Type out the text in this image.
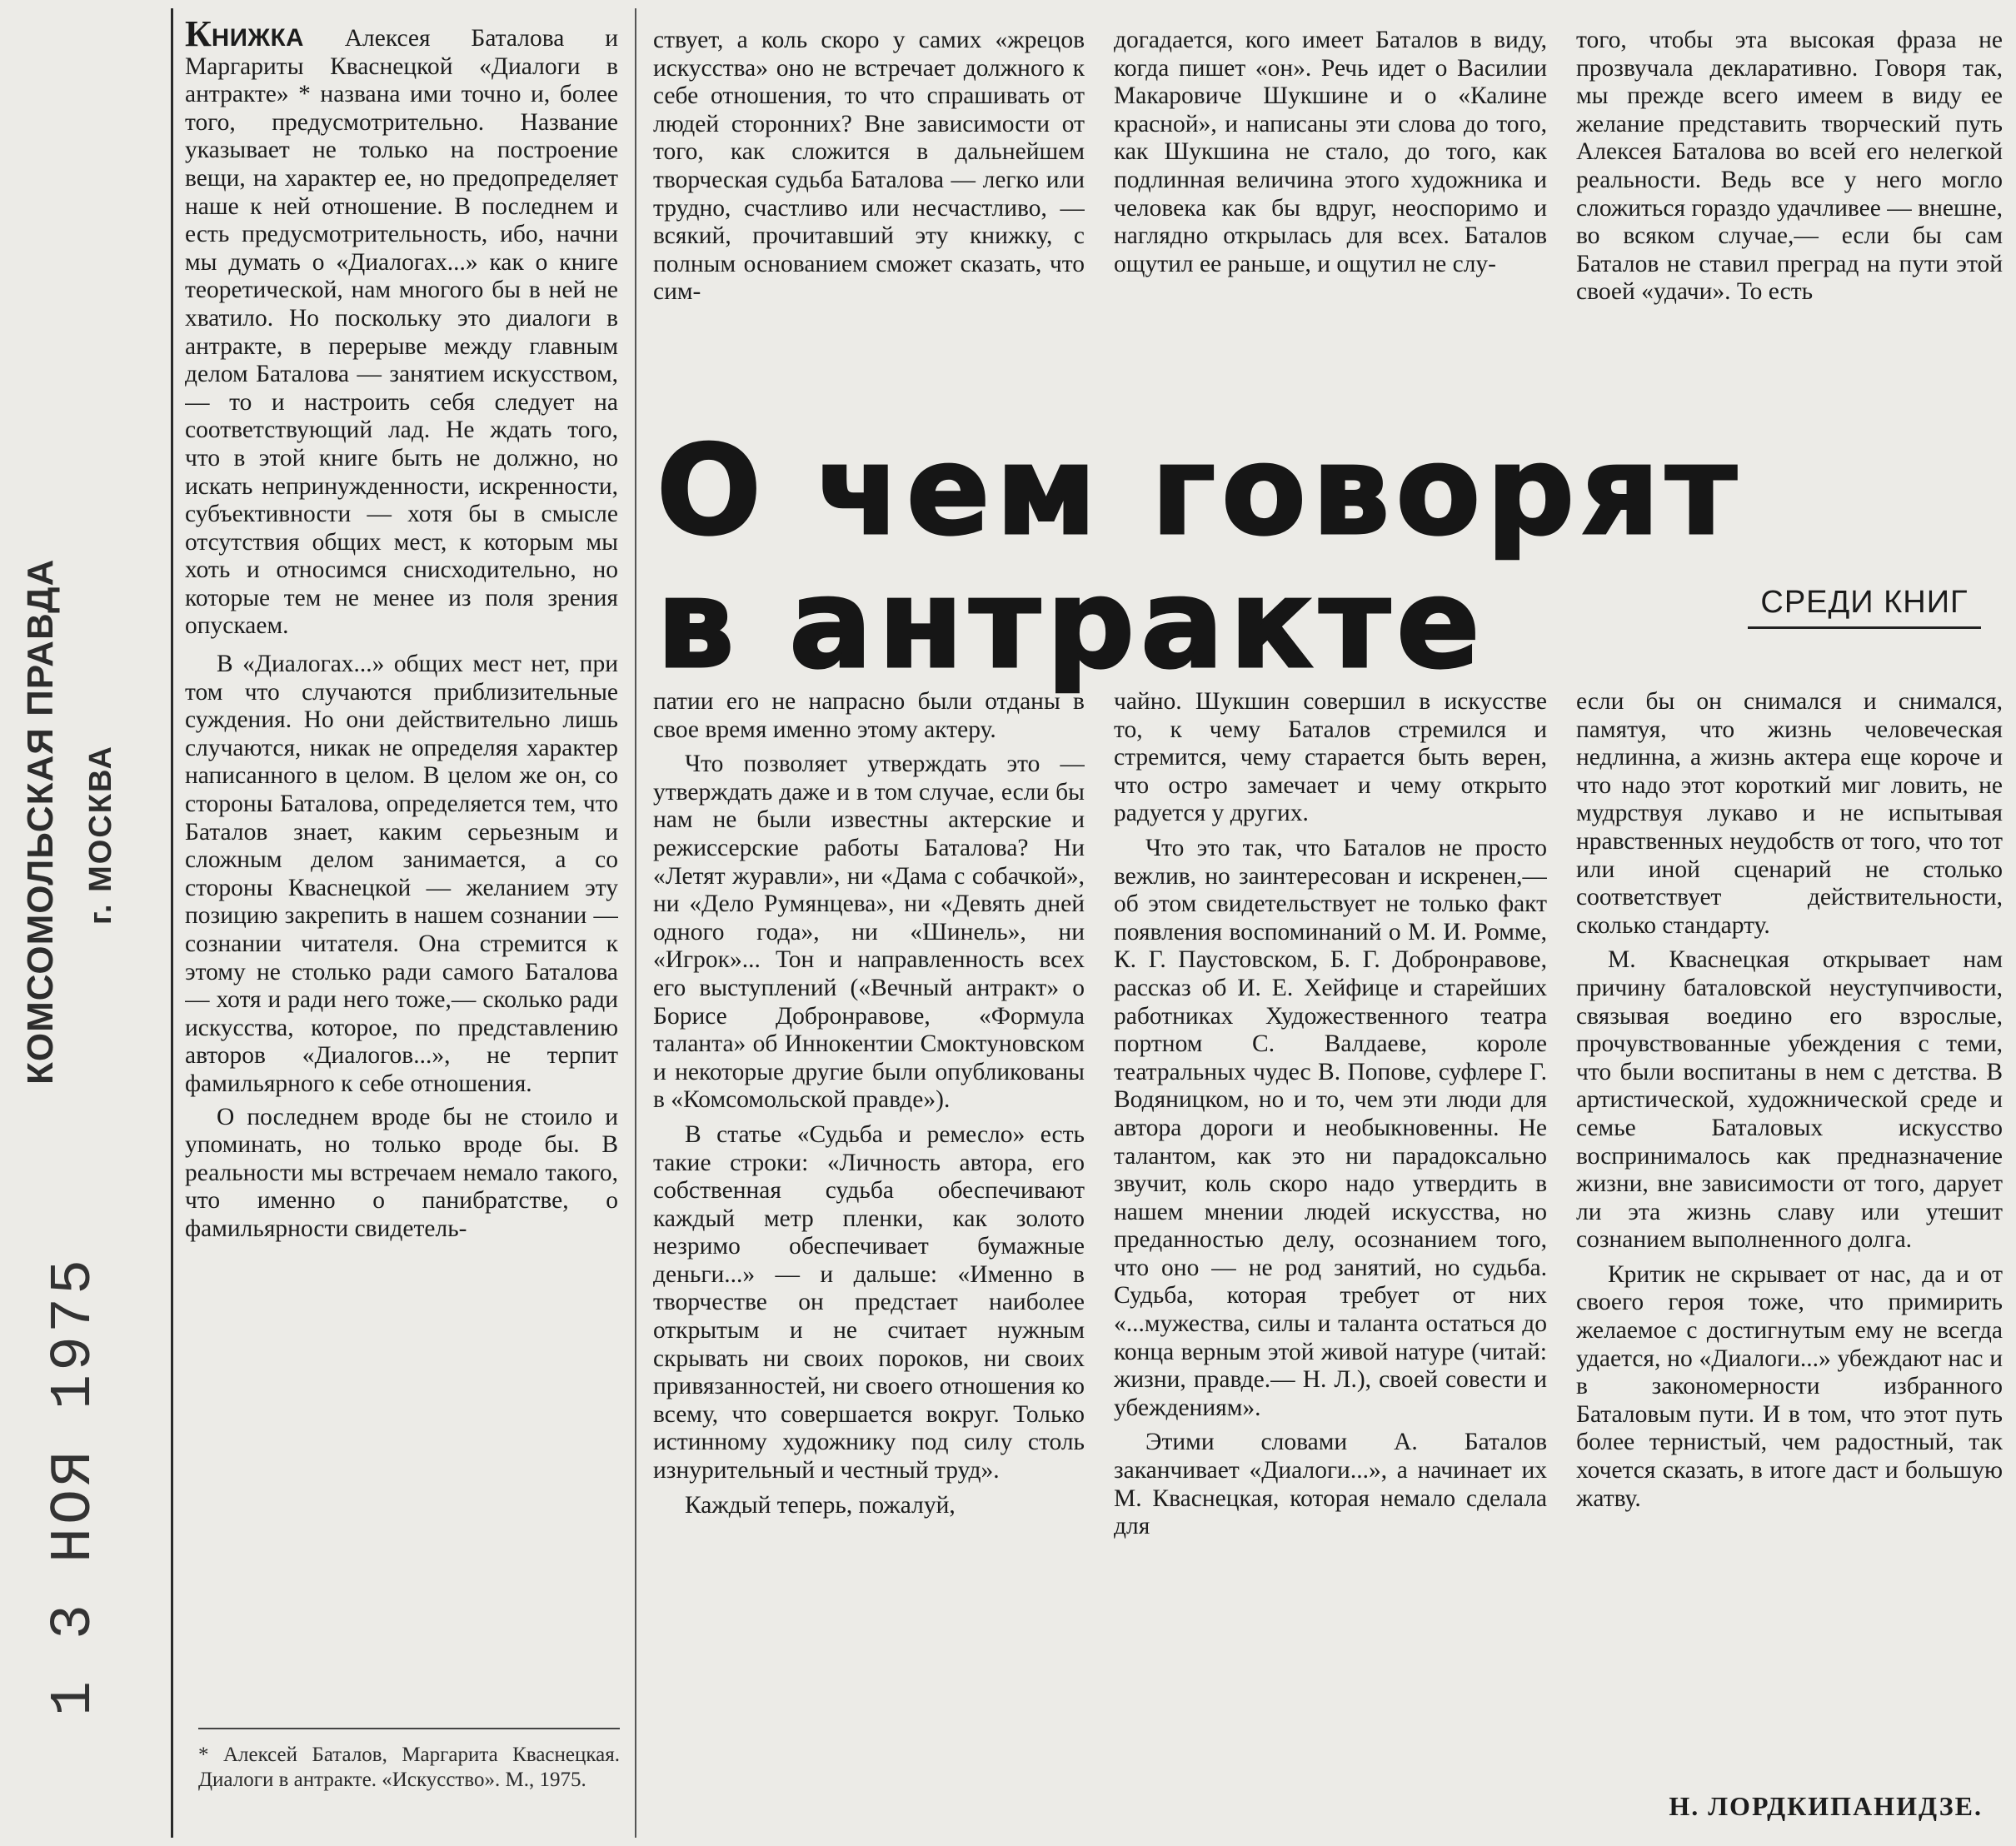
КОМСОМОЛЬСКАЯ ПРАВДА г. МОСКВА
1 3 НОЯ 1975

КНИЖКА Алексея Баталова и Маргариты Кваснецкой «Диалоги в антракте» * названа ими точно и, более того, предусмотрительно. Название указывает не только на построение вещи, на характер ее, но предопределяет наше к ней отношение. В последнем и есть предусмотрительность, ибо, начни мы думать о «Диалогах...» как о книге теоретической, нам многого бы в ней не хватило. Но поскольку это диалоги в антракте, в перерыве между главным делом Баталова — занятием искусством,— то и настроить себя следует на соответствующий лад. Не ждать того, что в этой книге быть не должно, но искать непринужденности, искренности, субъективности — хотя бы в смысле отсутствия общих мест, к которым мы хоть и относимся снисходительно, но которые тем не менее из поля зрения опускаем.

В «Диалогах...» общих мест нет, при том что случаются приблизительные суждения. Но они действительно лишь случаются, никак не определяя характер написанного в целом. В целом же он, со стороны Баталова, определяется тем, что Баталов знает, каким серьезным и сложным делом занимается, а со стороны Кваснецкой — желанием эту позицию закрепить в нашем сознании — сознании читателя. Она стремится к этому не столько ради самого Баталова — хотя и ради него тоже,— сколько ради искусства, которое, по представлению авторов «Диалогов...», не терпит фамильярного к себе отношения.

О последнем вроде бы не стоило и упоминать, но только вроде бы. В реальности мы встречаем немало такого, что именно о панибратстве, о фамильярности свидетель-

* Алексей Баталов, Маргарита Кваснецкая. Диалоги в антракте. «Искусство». М., 1975.

ствует, а коль скоро у самих «жрецов искусства» оно не встречает должного к себе отношения, то что спрашивать от людей сторонних? Вне зависимости от того, как сложится в дальнейшем творческая судьба Баталова — легко или трудно, счастливо или несчастливо, — всякий, прочитавший эту книжку, с полным основанием сможет сказать, что сим-

догадается, кого имеет Баталов в виду, когда пишет «он». Речь идет о Василии Макаровиче Шукшине и о «Калине красной», и написаны эти слова до того, как Шукшина не стало, до того, как подлинная величина этого художника и человека как бы вдруг, неоспоримо и наглядно открылась для всех. Баталов ощутил ее раньше, и ощутил не слу-

того, чтобы эта высокая фраза не прозвучала декларативно. Говоря так, мы прежде всего имеем в виду ее желание представить творческий путь Алексея Баталова во всей его нелегкой реальности. Ведь все у него могло сложиться гораздо удачливее — внешне, во всяком случае,— если бы сам Баталов не ставил преград на пути этой своей «удачи». То есть

О чем говорят
в антракте	СРЕДИ КНИГ

патии его не напрасно были отданы в свое время именно этому актеру.

Что позволяет утверждать это — утверждать даже и в том случае, если бы нам не были известны актерские и режиссерские работы Баталова? Ни «Летят журавли», ни «Дама с собачкой», ни «Дело Румянцева», ни «Девять дней одного года», ни «Шинель», ни «Игрок»... Тон и направленность всех его выступлений («Вечный антракт» о Борисе Добронравове, «Формула таланта» об Иннокентии Смоктуновском и некоторые другие были опубликованы в «Комсомольской правде»).

В статье «Судьба и ремесло» есть такие строки: «Личность автора, его собственная судьба обеспечивают каждый метр пленки, как золото незримо обеспечивает бумажные деньги...» — и дальше: «Именно в творчестве он предстает наиболее открытым и не считает нужным скрывать ни своих пороков, ни своих привязанностей, ни своего отношения ко всему, что совершается вокруг. Только истинному художнику под силу столь изнурительный и честный труд».

Каждый теперь, пожалуй,

чайно. Шукшин совершил в искусстве то, к чему Баталов стремился и стремится, чему старается быть верен, что остро замечает и чему открыто радуется у других.

Что это так, что Баталов не просто вежлив, но заинтересован и искренен,— об этом свидетельствует не только факт появления воспоминаний о М. И. Ромме, К. Г. Паустовском, Б. Г. Добронравове, рассказ об И. Е. Хейфице и старейших работниках Художественного театра портном С. Валдаеве, короле театральных чудес В. Попове, суфлере Г. Водяницком, но и то, чем эти люди для автора дороги и необыкновенны. Не талантом, как это ни парадоксально звучит, коль скоро надо утвердить в нашем мнении людей искусства, но преданностью делу, осознанием того, что оно — не род занятий, но судьба. Судьба, которая требует от них «...мужества, силы и таланта остаться до конца верным этой живой натуре (читай: жизни, правде.— Н. Л.), своей совести и убеждениям».

Этими словами А. Баталов заканчивает «Диалоги...», а начинает их М. Кваснецкая, которая немало сделала для

если бы он снимался и снимался, памятуя, что жизнь человеческая недлинна, а жизнь актера еще короче и что надо этот короткий миг ловить, не мудрствуя лукаво и не испытывая нравственных неудобств от того, что тот или иной сценарий не столько соответствует действительности, сколько стандарту.

М. Кваснецкая открывает нам причину баталовской неуступчивости, связывая воедино его взрослые, прочувствованные убеждения с теми, что были воспитаны в нем с детства. В артистической, художнической среде и семье Баталовых искусство воспринималось как предназначение жизни, вне зависимости от того, дарует ли эта жизнь славу или утешит сознанием выполненного долга.

Критик не скрывает от нас, да и от своего героя тоже, что примирить желаемое с достигнутым ему не всегда удается, но «Диалоги...» убеждают нас и в закономерности избранного Баталовым пути. И в том, что этот путь более тернистый, чем радостный, так хочется сказать, в итоге даст и большую жатву.

Н. ЛОРДКИПАНИДЗЕ.
